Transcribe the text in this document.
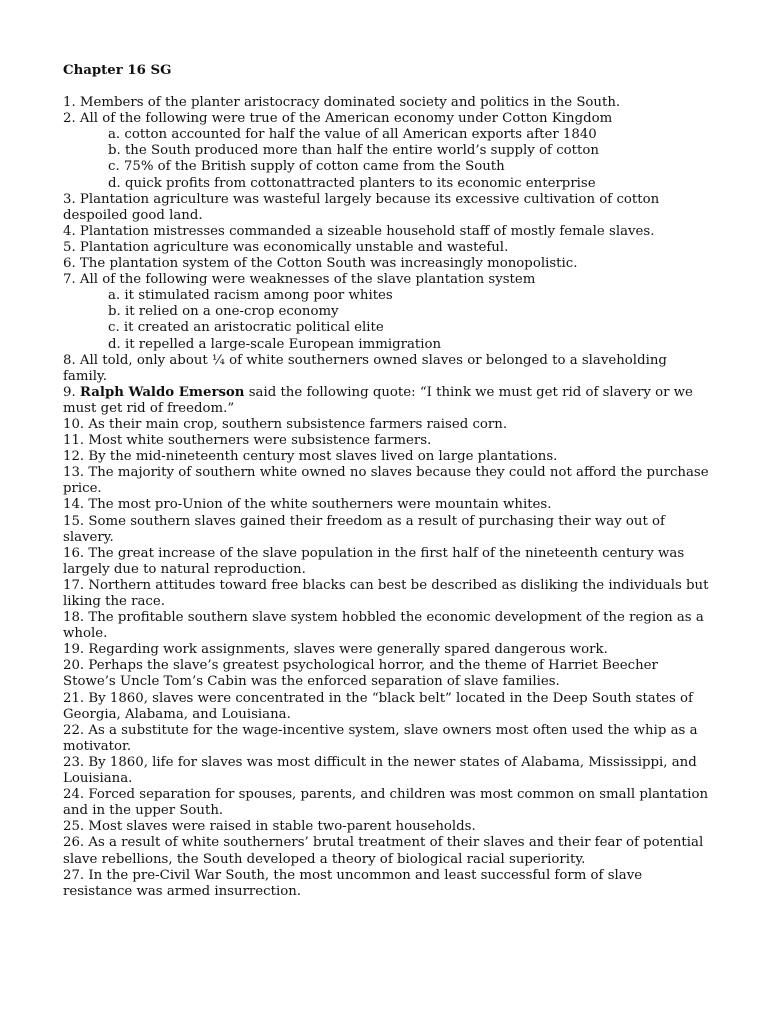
Chapter 16 SG
1. Members of the planter aristocracy dominated society and politics in the South.
2. All of the following were true of the American economy under Cotton Kingdom
a. cotton accounted for half the value of all American exports after 1840
b. the South produced more than half the entire world’s supply of cotton
c. 75% of the British supply of cotton came from the South
d. quick profits from cottonattracted planters to its economic enterprise
3. Plantation agriculture was wasteful largely because its excessive cultivation of cotton despoiled good land.
4. Plantation mistresses commanded a sizeable household staff of mostly female slaves.
5. Plantation agriculture was economically unstable and wasteful.
6. The plantation system of the Cotton South was increasingly monopolistic.
7. All of the following were weaknesses of the slave plantation system
a. it stimulated racism among poor whites
b. it relied on a one-crop economy
c. it created an aristocratic political elite
d. it repelled a large-scale European immigration
8. All told, only about ¼ of white southerners owned slaves or belonged to a slaveholding family.
9. Ralph Waldo Emerson said the following quote: “I think we must get rid of slavery or we must get rid of freedom.”
10. As their main crop, southern subsistence farmers raised corn.
11. Most white southerners were subsistence farmers.
12. By the mid-nineteenth century most slaves lived on large plantations.
13. The majority of southern white owned no slaves because they could not afford the purchase price.
14. The most pro-Union of the white southerners were mountain whites.
15. Some southern slaves gained their freedom as a result of purchasing their way out of slavery.
16. The great increase of the slave population in the first half of the nineteenth century was largely due to natural reproduction.
17. Northern attitudes toward free blacks can best be described as disliking the individuals but liking the race.
18. The profitable southern slave system hobbled the economic development of the region as a whole.
19. Regarding work assignments, slaves were generally spared dangerous work.
20. Perhaps the slave’s greatest psychological horror, and the theme of Harriet Beecher Stowe’s Uncle Tom’s Cabin was the enforced separation of slave families.
21. By 1860, slaves were concentrated in the “black belt” located in the Deep South states of Georgia, Alabama, and Louisiana.
22. As a substitute for the wage-incentive system, slave owners most often used the whip as a motivator.
23. By 1860, life for slaves was most difficult in the newer states of Alabama, Mississippi, and Louisiana.
24. Forced separation for spouses, parents, and children was most common on small plantation and in the upper South.
25. Most slaves were raised in stable two-parent households.
26. As a result of white southerners’ brutal treatment of their slaves and their fear of potential slave rebellions, the South developed a theory of biological racial superiority.
27. In the pre-Civil War South, the most uncommon and least successful form of slave resistance was armed insurrection.
